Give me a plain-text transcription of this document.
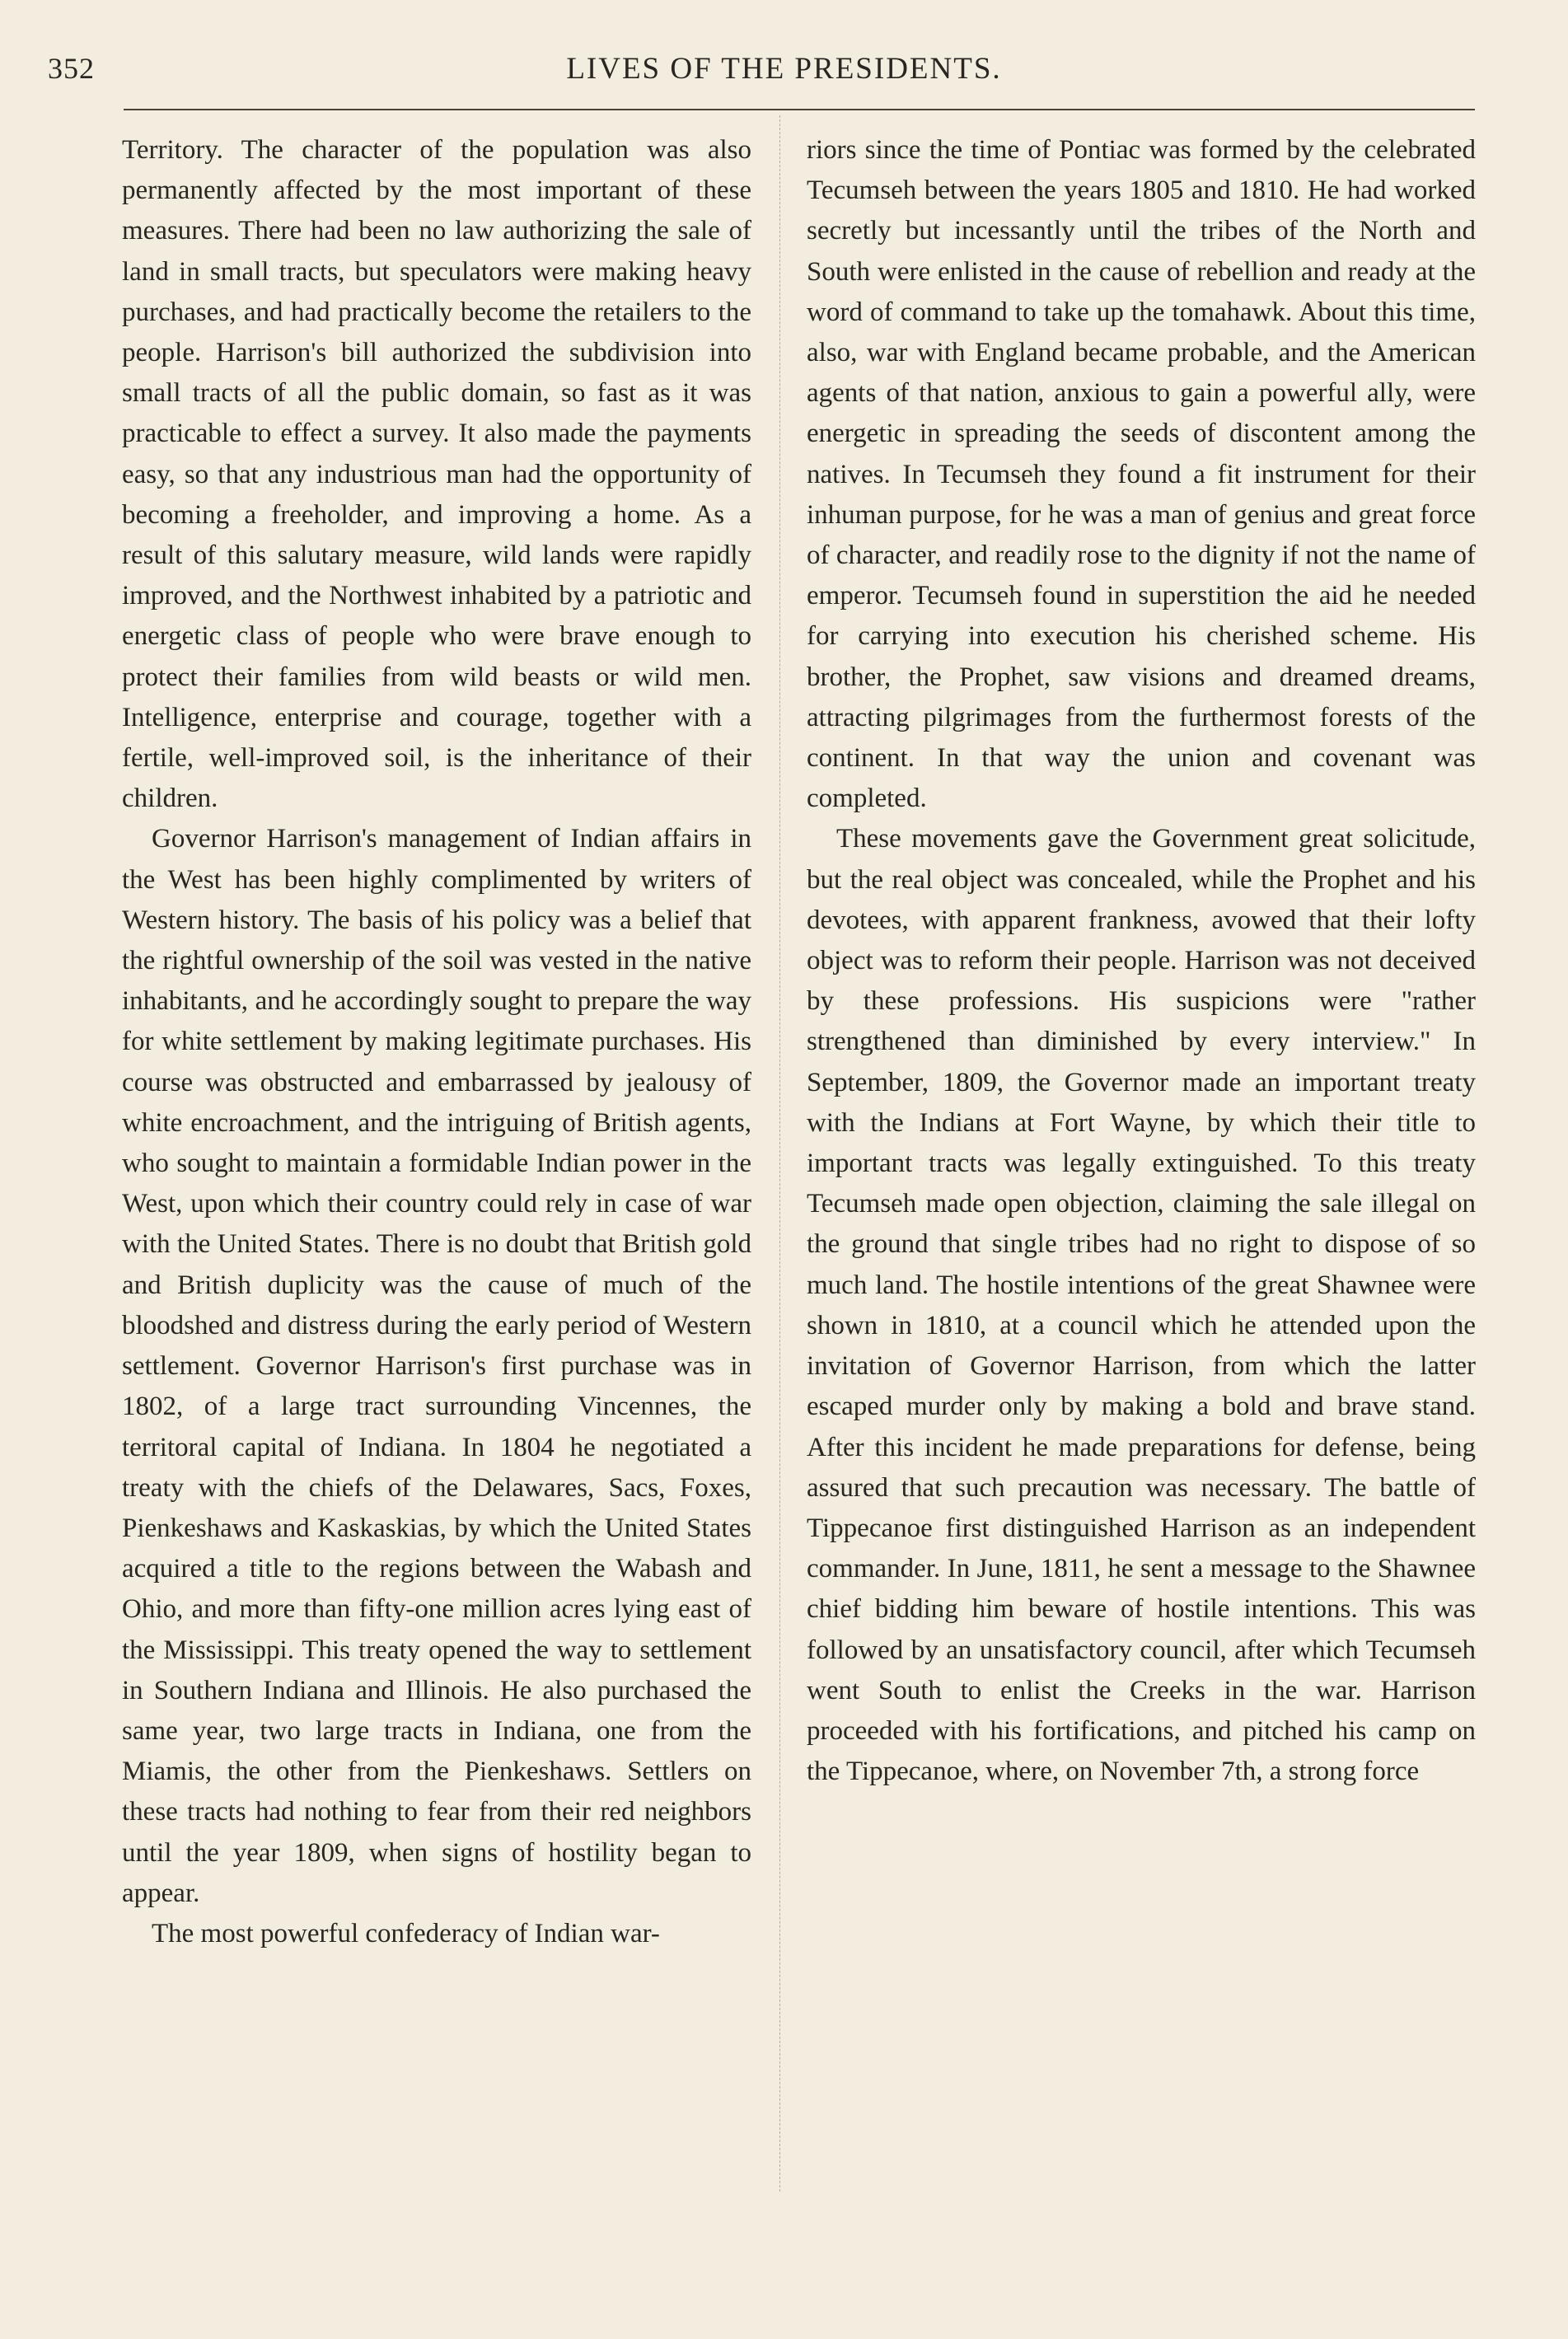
352	LIVES OF THE PRESIDENTS.

Territory. The character of the population was also permanently affected by the most important of these measures. There had been no law authorizing the sale of land in small tracts, but speculators were making heavy purchases, and had practically become the retailers to the people. Harrison's bill authorized the subdivision into small tracts of all the public domain, so fast as it was practicable to effect a survey. It also made the payments easy, so that any industrious man had the opportunity of becoming a freeholder, and improving a home. As a result of this salutary measure, wild lands were rapidly improved, and the Northwest inhabited by a patriotic and energetic class of people who were brave enough to protect their families from wild beasts or wild men. Intelligence, enterprise and courage, together with a fertile, well-improved soil, is the inheritance of their children.

Governor Harrison's management of Indian affairs in the West has been highly complimented by writers of Western history. The basis of his policy was a belief that the rightful ownership of the soil was vested in the native inhabitants, and he accordingly sought to prepare the way for white settlement by making legitimate purchases. His course was obstructed and embarrassed by jealousy of white encroachment, and the intriguing of British agents, who sought to maintain a formidable Indian power in the West, upon which their country could rely in case of war with the United States. There is no doubt that British gold and British duplicity was the cause of much of the bloodshed and distress during the early period of Western settlement. Governor Harrison's first purchase was in 1802, of a large tract surrounding Vincennes, the territoral capital of Indiana. In 1804 he negotiated a treaty with the chiefs of the Delawares, Sacs, Foxes, Pienkeshaws and Kaskaskias, by which the United States acquired a title to the regions between the Wabash and Ohio, and more than fifty-one million acres lying east of the Mississippi. This treaty opened the way to settlement in Southern Indiana and Illinois. He also purchased the same year, two large tracts in Indiana, one from the Miamis, the other from the Pienkeshaws. Settlers on these tracts had nothing to fear from their red neighbors until the year 1809, when signs of hostility began to appear.

The most powerful confederacy of Indian war-

riors since the time of Pontiac was formed by the celebrated Tecumseh between the years 1805 and 1810. He had worked secretly but incessantly until the tribes of the North and South were enlisted in the cause of rebellion and ready at the word of command to take up the tomahawk. About this time, also, war with England became probable, and the American agents of that nation, anxious to gain a powerful ally, were energetic in spreading the seeds of discontent among the natives. In Tecumseh they found a fit instrument for their inhuman purpose, for he was a man of genius and great force of character, and readily rose to the dignity if not the name of emperor. Tecumseh found in superstition the aid he needed for carrying into execution his cherished scheme. His brother, the Prophet, saw visions and dreamed dreams, attracting pilgrimages from the furthermost forests of the continent. In that way the union and covenant was completed.

These movements gave the Government great solicitude, but the real object was concealed, while the Prophet and his devotees, with apparent frankness, avowed that their lofty object was to reform their people. Harrison was not deceived by these professions. His suspicions were "rather strengthened than diminished by every interview." In September, 1809, the Governor made an important treaty with the Indians at Fort Wayne, by which their title to important tracts was legally extinguished. To this treaty Tecumseh made open objection, claiming the sale illegal on the ground that single tribes had no right to dispose of so much land. The hostile intentions of the great Shawnee were shown in 1810, at a council which he attended upon the invitation of Governor Harrison, from which the latter escaped murder only by making a bold and brave stand. After this incident he made preparations for defense, being assured that such precaution was necessary. The battle of Tippecanoe first distinguished Harrison as an independent commander. In June, 1811, he sent a message to the Shawnee chief bidding him beware of hostile intentions. This was followed by an unsatisfactory council, after which Tecumseh went South to enlist the Creeks in the war. Harrison proceeded with his fortifications, and pitched his camp on the Tippecanoe, where, on November 7th, a strong force
